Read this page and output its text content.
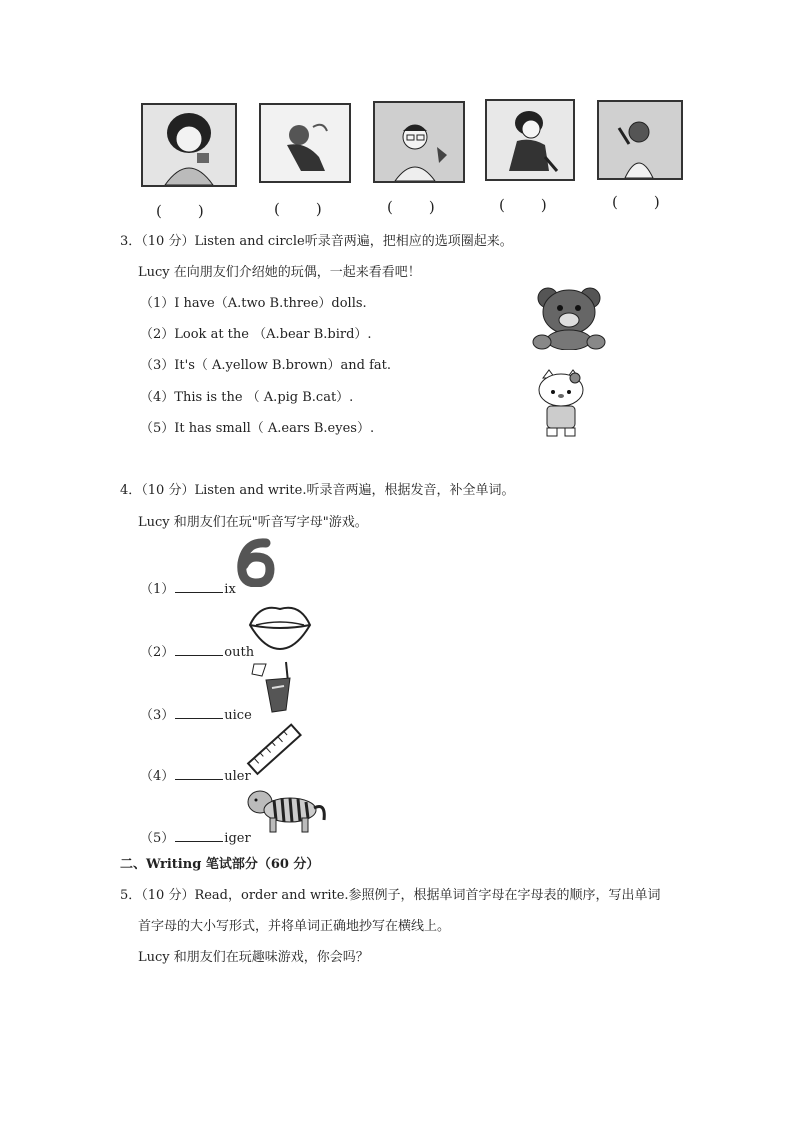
(　　)	(　　)	(　　)	(　　)	(　　)
3．（10 分）Listen and circle听录音两遍，把相应的选项圈起来。
Lucy 在向朋友们介绍她的玩偶，一起来看看吧！
（1）I have（A.two B.three）dolls.
（2）Look at the （A.bear B.bird）.
（3）It's（ A.yellow B.brown）and fat.
（4）This is the （ A.pig B.cat）.
（5）It has small（ A.ears B.eyes）.
4．（10 分）Listen and write.听录音两遍，根据发音，补全单词。
Lucy 和朋友们在玩"听音写字母"游戏。
（1）	ix
（2）	outh
（3）	uice
（4）	uler
（5）	iger
二、Writing 笔试部分（60 分）
5．（10 分）Read，order and write.参照例子，根据单词首字母在字母表的顺序，写出单词
首字母的大小写形式，并将单词正确地抄写在横线上。
Lucy 和朋友们在玩趣味游戏，你会吗？
